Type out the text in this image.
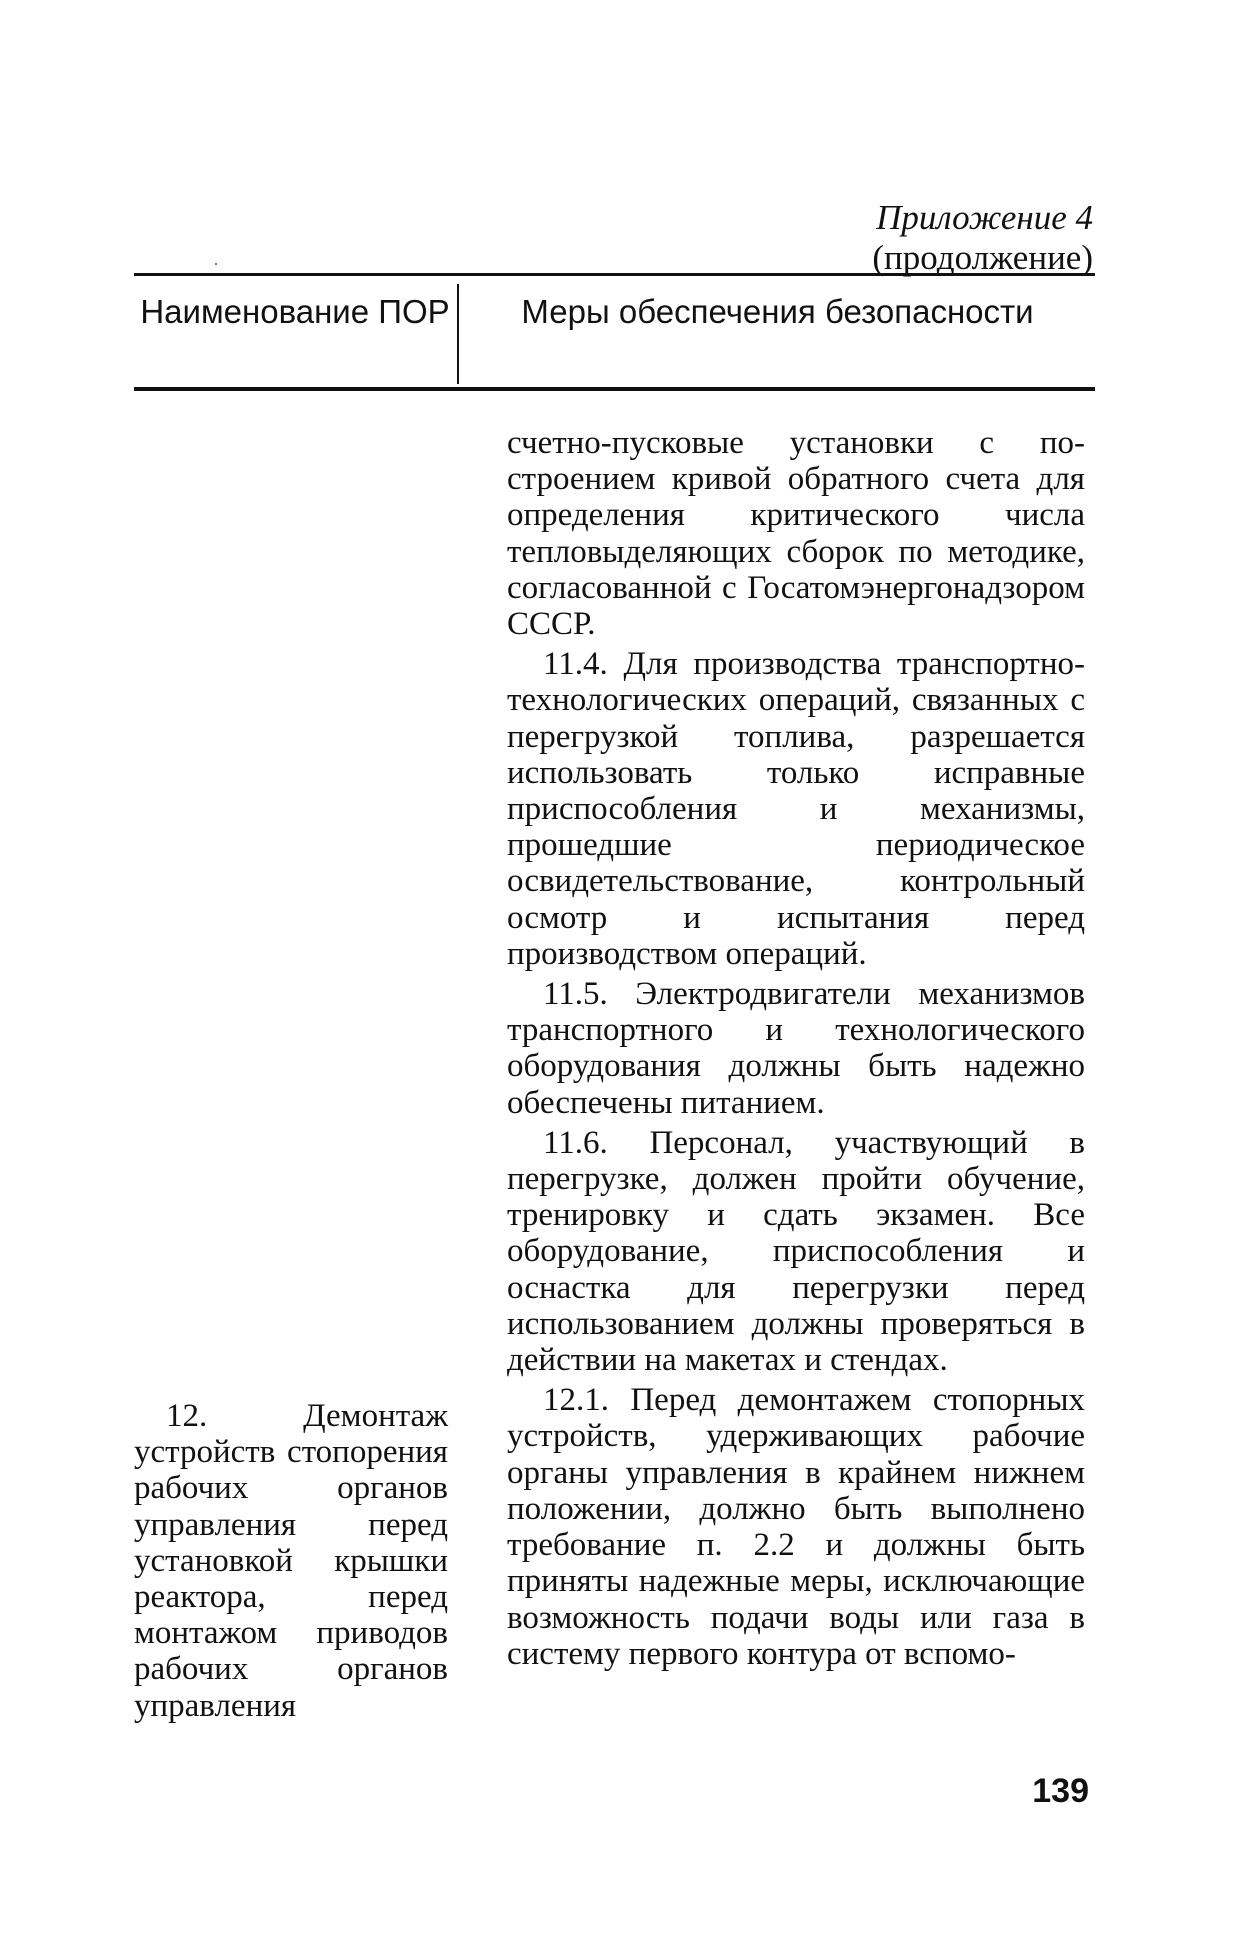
Приложение 4
(продолжение)
Наименование ПОР	Меры обеспечения безопасности

счетно-пусковые установки с построением кривой обратного счета для определения критического числа тепловыделяющих сборок по методике, согласованной с Госатомэнергонадзором СССР.

11.4. Для производства транспортно-технологических операций, связанных с перегрузкой топлива, разрешается использовать только исправные приспособления и механизмы, прошедшие периодическое освидетельствование, контрольный осмотр и испытания перед производством операций.

11.5. Электродвигатели механизмов транспортного и технологического оборудования должны быть надежно обеспечены питанием.

11.6. Персонал, участвующий в перегрузке, должен пройти обучение, тренировку и сдать экзамен. Все оборудование, приспособления и оснастка для перегрузки перед использованием должны проверяться в действии на макетах и стендах.

12.1. Перед демонтажем стопорных устройств, удерживающих рабочие органы управления в крайнем нижнем положении, должно быть выполнено требование п. 2.2 и должны быть приняты надежные меры, исключающие возможность подачи воды или газа в систему первого контура от вспомо-

12. Демонтаж устройств стопорения рабочих органов управления перед установкой крышки реактора, перед монтажом приводов рабочих органов управления

139
